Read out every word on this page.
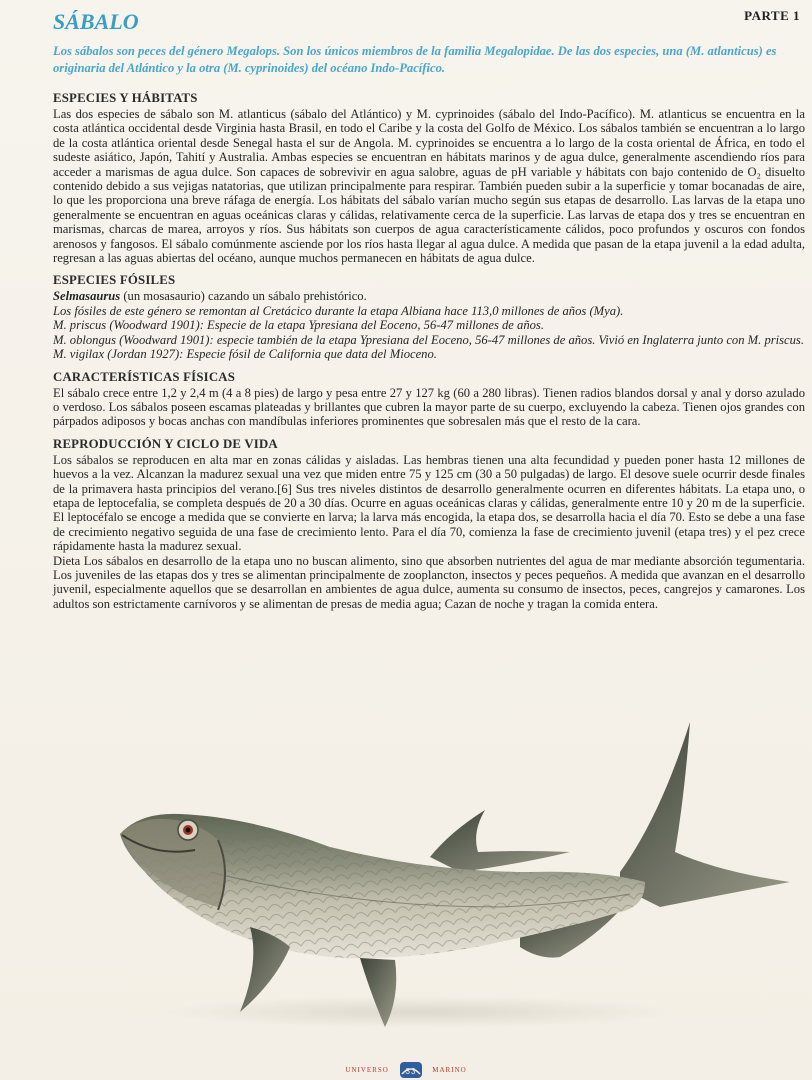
PARTE 1
SÁBALO

Los sábalos son peces del género Megalops. Son los únicos miembros de la familia Megalopidae. De las dos especies, una (M. atlanticus) es originaria del Atlántico y la otra (M. cyprinoides) del océano Indo-Pacífico.

ESPECIES Y HÁBITATS

Las dos especies de sábalo son M. atlanticus (sábalo del Atlántico) y M. cyprinoides (sábalo del Indo-Pacífico). M. atlanticus se encuentra en la costa atlántica occidental desde Virginia hasta Brasil, en todo el Caribe y la costa del Golfo de México. Los sábalos también se encuentran a lo largo de la costa atlántica oriental desde Senegal hasta el sur de Angola. M. cyprinoides se encuentra a lo largo de la costa oriental de África, en todo el sudeste asiático, Japón, Tahití y Australia. Ambas especies se encuentran en hábitats marinos y de agua dulce, generalmente ascendiendo ríos para acceder a marismas de agua dulce. Son capaces de sobrevivir en agua salobre, aguas de pH variable y hábitats con bajo contenido de O₂ disuelto contenido debido a sus vejigas natatorias, que utilizan principalmente para respirar. También pueden subir a la superficie y tomar bocanadas de aire, lo que les proporciona una breve ráfaga de energía. Los hábitats del sábalo varían mucho según sus etapas de desarrollo. Las larvas de la etapa uno generalmente se encuentran en aguas oceánicas claras y cálidas, relativamente cerca de la superficie. Las larvas de etapa dos y tres se encuentran en marismas, charcas de marea, arroyos y ríos. Sus hábitats son cuerpos de agua característicamente cálidos, poco profundos y oscuros con fondos arenosos y fangosos. El sábalo comúnmente asciende por los ríos hasta llegar al agua dulce. A medida que pasan de la etapa juvenil a la edad adulta, regresan a las aguas abiertas del océano, aunque muchos permanecen en hábitats de agua dulce.

ESPECIES FÓSILES

Selmasaurus (un mosasaurio) cazando un sábalo prehistórico.

Los fósiles de este género se remontan al Cretácico durante la etapa Albiana hace 113,0 millones de años (Mya).

M. priscus (Woodward 1901): Especie de la etapa Ypresiana del Eoceno, 56-47 millones de años.

M. oblongus (Woodward 1901): especie también de la etapa Ypresiana del Eoceno, 56-47 millones de años. Vivió en Inglaterra junto con M. priscus.

M. vigilax (Jordan 1927): Especie fósil de California que data del Mioceno.

CARACTERÍSTICAS FÍSICAS

El sábalo crece entre 1,2 y 2,4 m (4 a 8 pies) de largo y pesa entre 27 y 127 kg (60 a 280 libras). Tienen radios blandos dorsal y anal y dorso azulado o verdoso. Los sábalos poseen escamas plateadas y brillantes que cubren la mayor parte de su cuerpo, excluyendo la cabeza. Tienen ojos grandes con párpados adiposos y bocas anchas con mandíbulas inferiores prominentes que sobresalen más que el resto de la cara.

REPRODUCCIÓN Y CICLO DE VIDA

Los sábalos se reproducen en alta mar en zonas cálidas y aisladas. Las hembras tienen una alta fecundidad y pueden poner hasta 12 millones de huevos a la vez. Alcanzan la madurez sexual una vez que miden entre 75 y 125 cm (30 a 50 pulgadas) de largo. El desove suele ocurrir desde finales de la primavera hasta principios del verano.[6] Sus tres niveles distintos de desarrollo generalmente ocurren en diferentes hábitats. La etapa uno, o etapa de leptocefalia, se completa después de 20 a 30 días. Ocurre en aguas oceánicas claras y cálidas, generalmente entre 10 y 20 m de la superficie. El leptocéfalo se encoge a medida que se convierte en larva; la larva más encogida, la etapa dos, se desarrolla hacia el día 70. Esto se debe a una fase de crecimiento negativo seguida de una fase de crecimiento lento. Para el día 70, comienza la fase de crecimiento juvenil (etapa tres) y el pez crece rápidamente hasta la madurez sexual.

Dieta Los sábalos en desarrollo de la etapa uno no buscan alimento, sino que absorben nutrientes del agua de mar mediante absorción tegumentaria. Los juveniles de las etapas dos y tres se alimentan principalmente de zooplancton, insectos y peces pequeños. A medida que avanzan en el desarrollo juvenil, especialmente aquellos que se desarrollan en ambientes de agua dulce, aumenta su consumo de insectos, peces, cangrejos y camarones. Los adultos son estrictamente carnívoros y se alimentan de presas de media agua; Cazan de noche y tragan la comida entera.

UNIVERSO 33 MARINO
